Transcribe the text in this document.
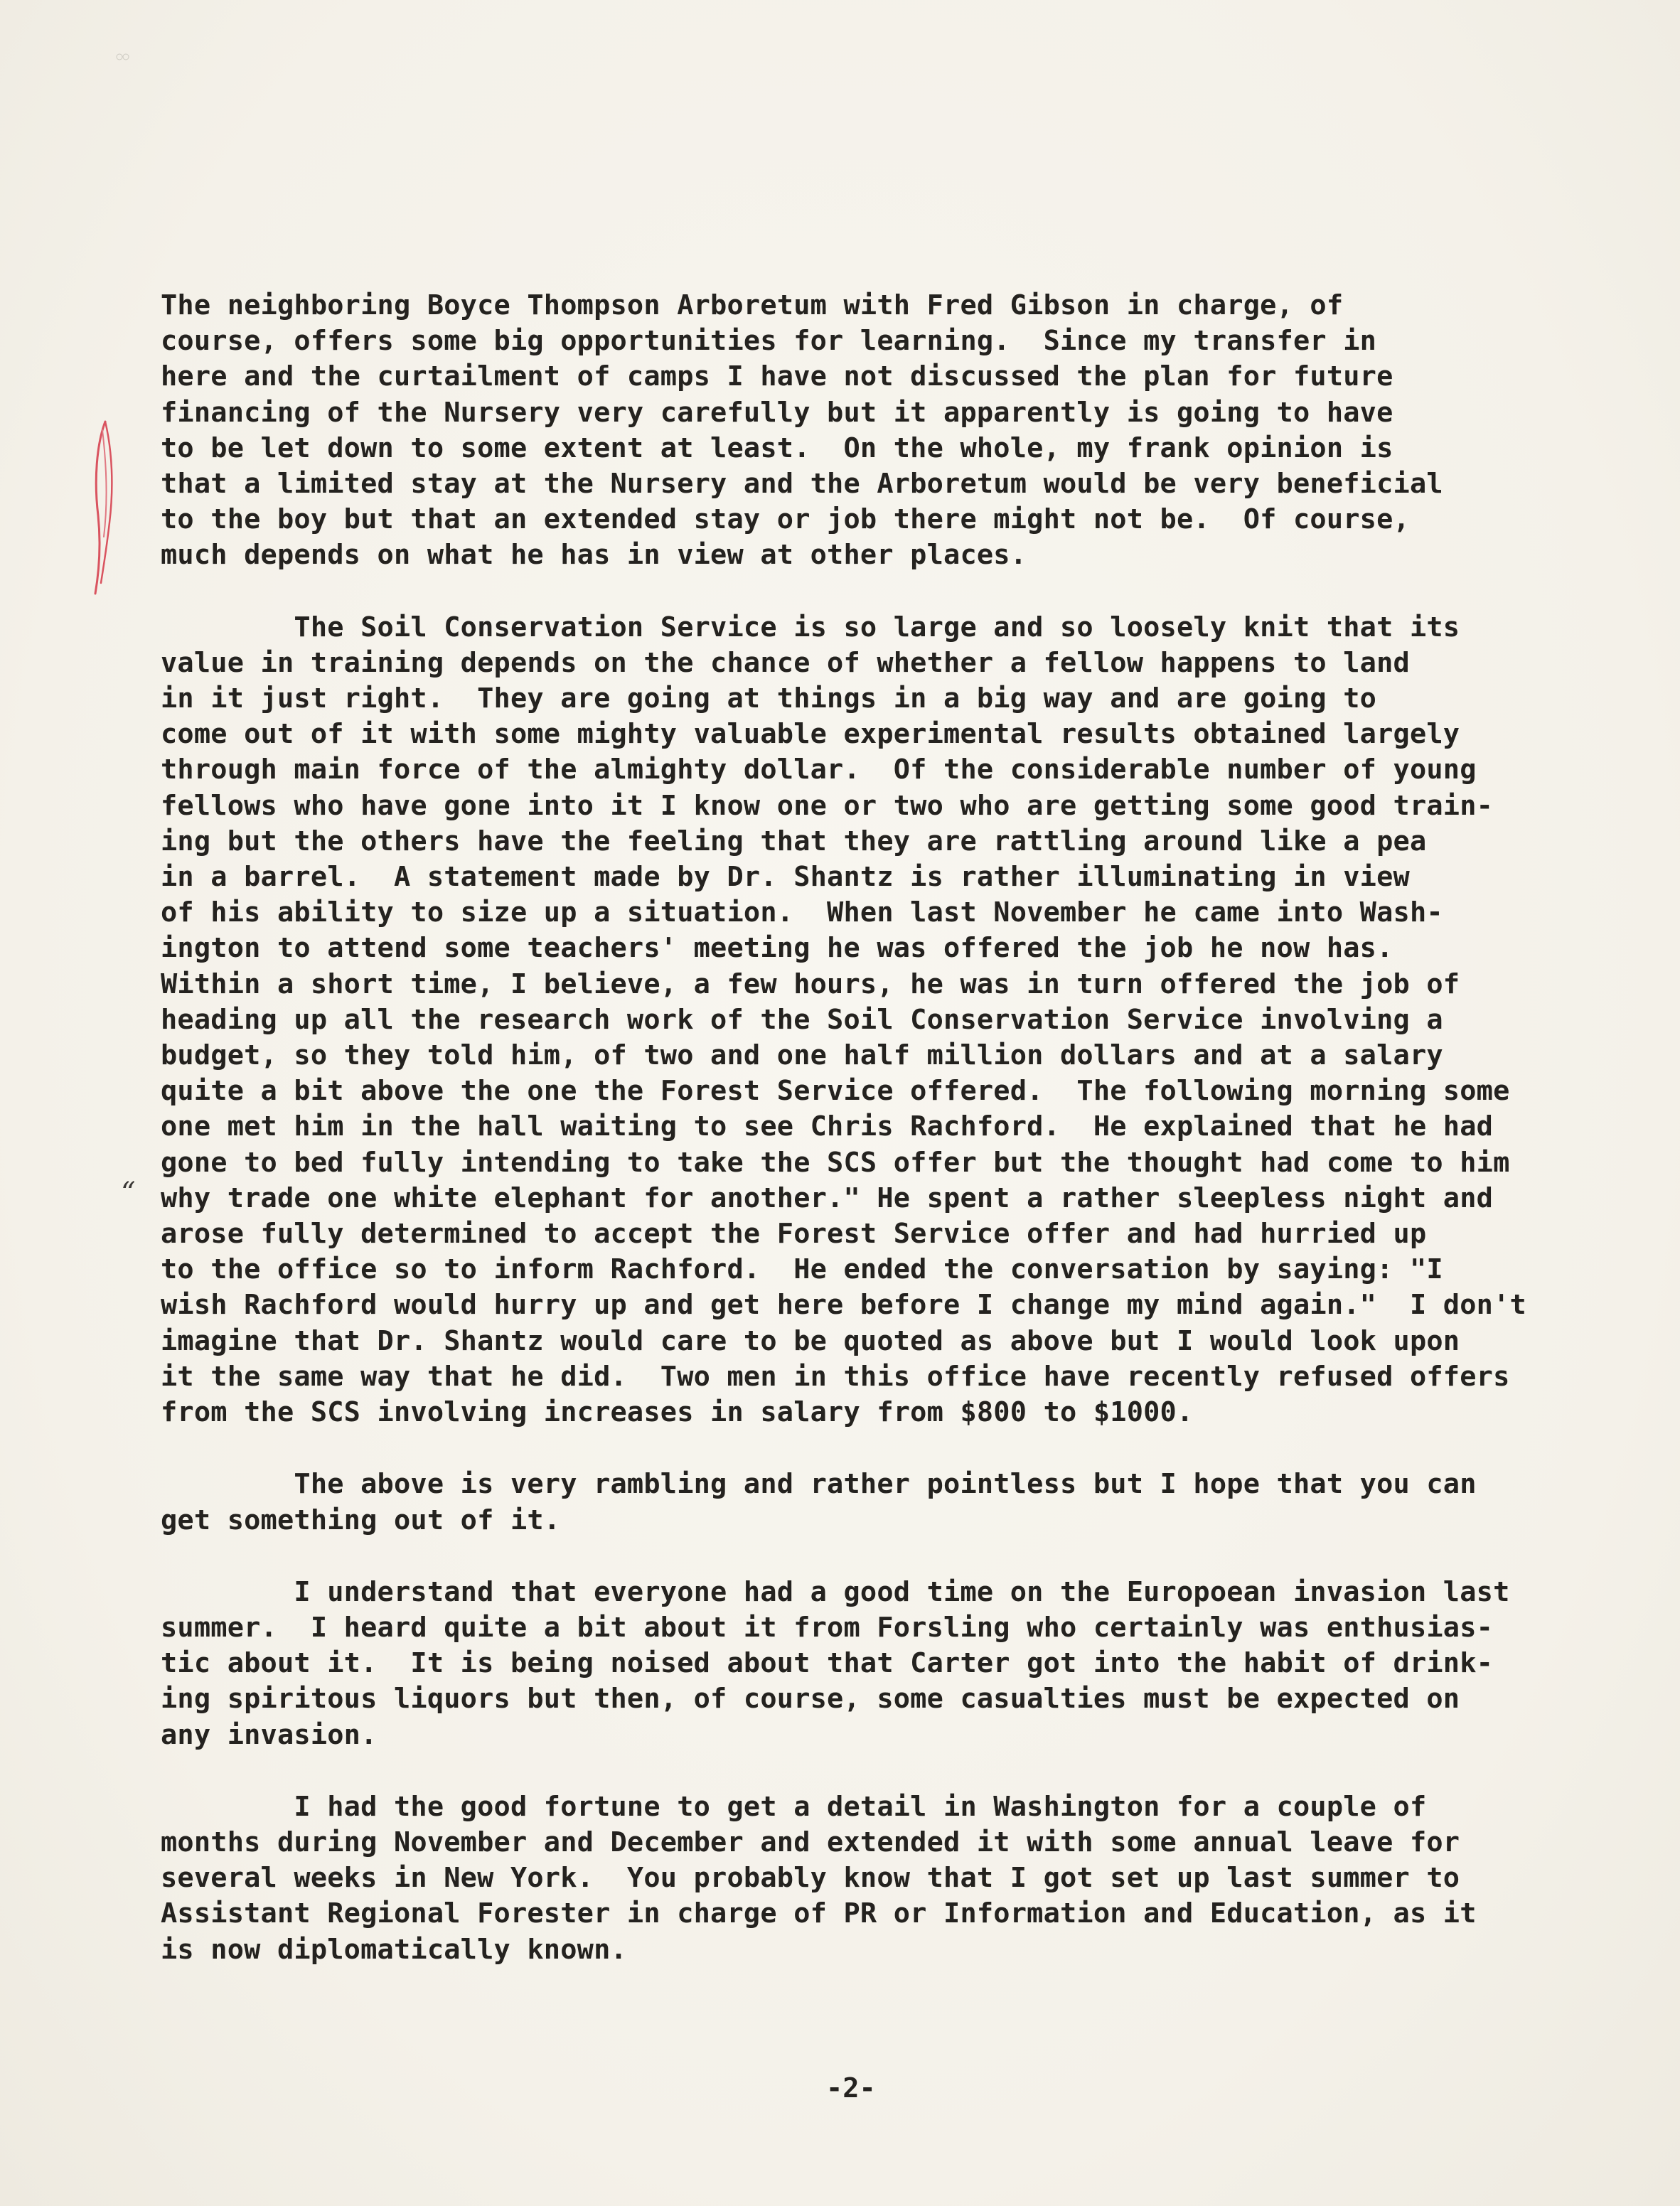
“
The neighboring Boyce Thompson Arboretum with Fred Gibson in charge, of
course, offers some big opportunities for learning.  Since my transfer in
here and the curtailment of camps I have not discussed the plan for future
financing of the Nursery very carefully but it apparently is going to have
to be let down to some extent at least.  On the whole, my frank opinion is
that a limited stay at the Nursery and the Arboretum would be very beneficial
to the boy but that an extended stay or job there might not be.  Of course,
much depends on what he has in view at other places.
The Soil Conservation Service is so large and so loosely knit that its
value in training depends on the chance of whether a fellow happens to land
in it just right.  They are going at things in a big way and are going to
come out of it with some mighty valuable experimental results obtained largely
through main force of the almighty dollar.  Of the considerable number of young
fellows who have gone into it I know one or two who are getting some good train-
ing but the others have the feeling that they are rattling around like a pea
in a barrel.  A statement made by Dr. Shantz is rather illuminating in view
of his ability to size up a situation.  When last November he came into Wash-
ington to attend some teachers' meeting he was offered the job he now has.
Within a short time, I believe, a few hours, he was in turn offered the job of
heading up all the research work of the Soil Conservation Service involving a
budget, so they told him, of two and one half million dollars and at a salary
quite a bit above the one the Forest Service offered.  The following morning some
one met him in the hall waiting to see Chris Rachford.  He explained that he had
gone to bed fully intending to take the SCS offer but the thought had come to him
why trade one white elephant for another." He spent a rather sleepless night and
arose fully determined to accept the Forest Service offer and had hurried up
to the office so to inform Rachford.  He ended the conversation by saying: "I
wish Rachford would hurry up and get here before I change my mind again."  I don't
imagine that Dr. Shantz would care to be quoted as above but I would look upon
it the same way that he did.  Two men in this office have recently refused offers
from the SCS involving increases in salary from $800 to $1000.
The above is very rambling and rather pointless but I hope that you can
get something out of it.
I understand that everyone had a good time on the Europoean invasion last
summer.  I heard quite a bit about it from Forsling who certainly was enthusias-
tic about it.  It is being noised about that Carter got into the habit of drink-
ing spiritous liquors but then, of course, some casualties must be expected on
any invasion.
I had the good fortune to get a detail in Washington for a couple of
months during November and December and extended it with some annual leave for
several weeks in New York.  You probably know that I got set up last summer to
Assistant Regional Forester in charge of PR or Information and Education, as it
is now diplomatically known.
-2-
